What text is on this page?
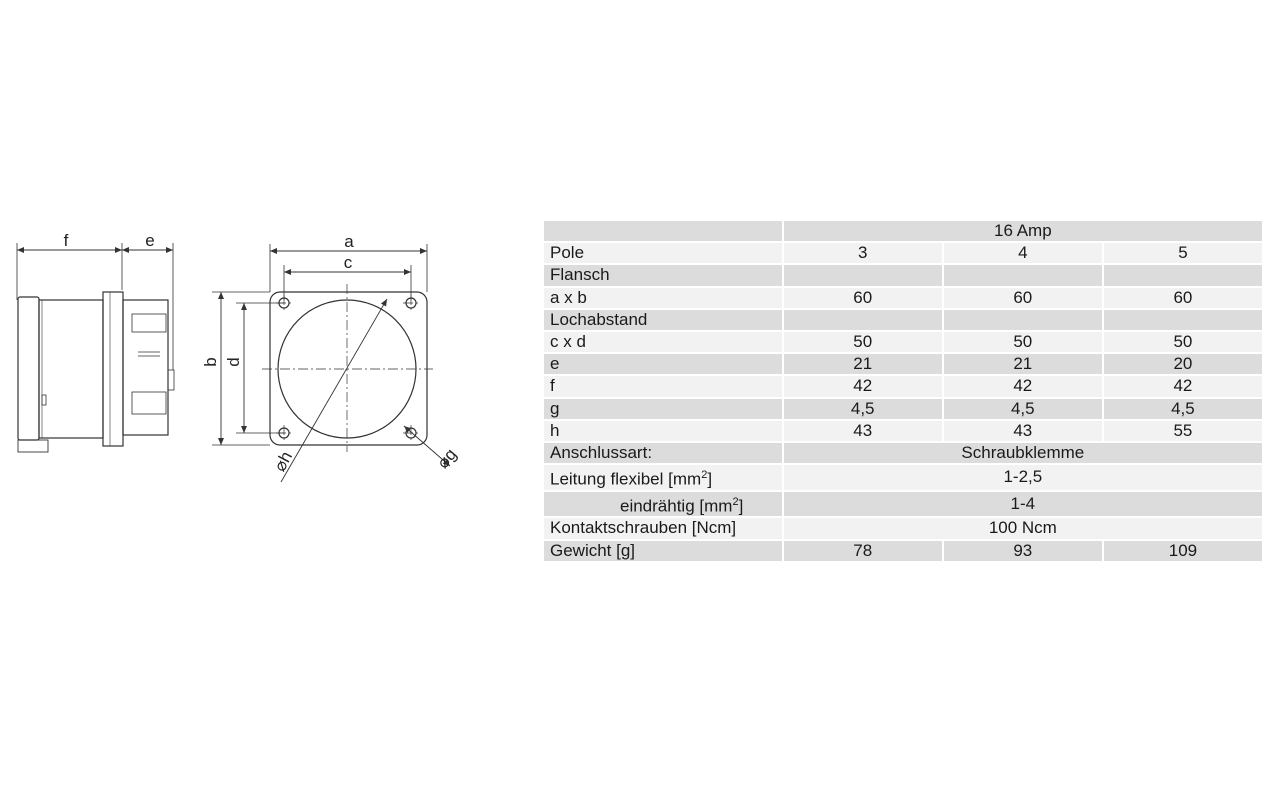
f	e	a
c
b d
⌀h	⌀g
	16 Amp		
Pole	3	4	5
Flansch			
a x b	60	60	60
Lochabstand			
c x d	50	50	50
e	21	21	20
f	42	42	42
g	4,5	4,5	4,5
h	43	43	55
Anschlussart:	Schraubklemme		
Leitung flexibel $[mm^2]$	1-2,5		
eindrähtig $[mm^2]$	1-4		
Kontaktschrauben [Ncm]	100 Ncm		
Gewicht [g]	78	93	109
